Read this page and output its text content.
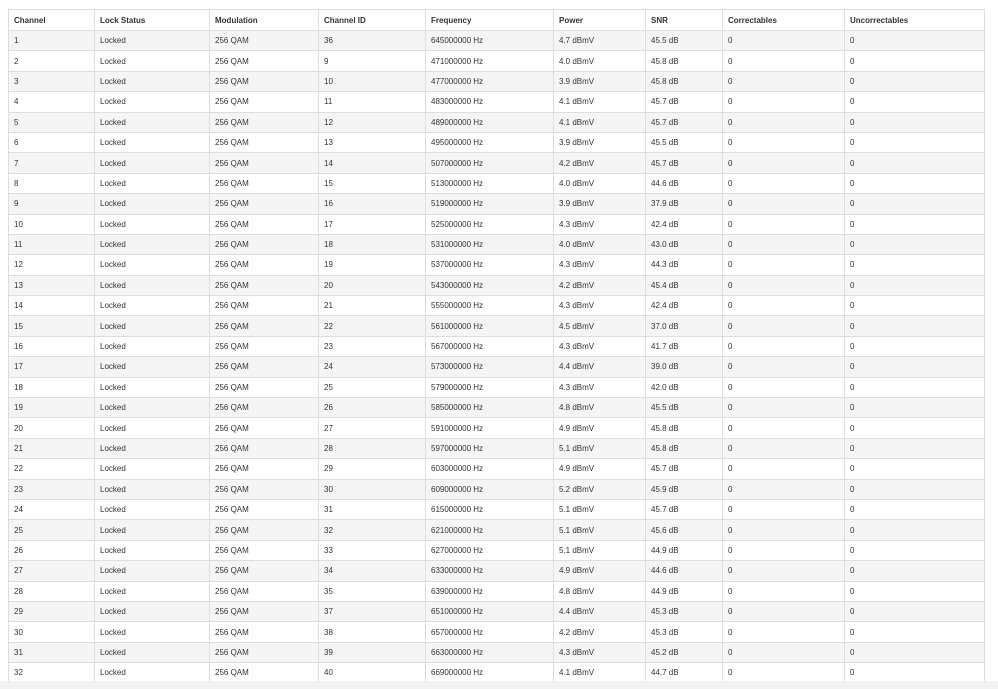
Channel	Lock Status	Modulation	Channel ID	Frequency	Power	SNR	Correctables	Uncorrectables
1	Locked	256 QAM	36	645000000 Hz	4.7 dBmV	45.5 dB	0	0
2	Locked	256 QAM	9	471000000 Hz	4.0 dBmV	45.8 dB	0	0
3	Locked	256 QAM	10	477000000 Hz	3.9 dBmV	45.8 dB	0	0
4	Locked	256 QAM	11	483000000 Hz	4.1 dBmV	45.7 dB	0	0
5	Locked	256 QAM	12	489000000 Hz	4.1 dBmV	45.7 dB	0	0
6	Locked	256 QAM	13	495000000 Hz	3.9 dBmV	45.5 dB	0	0
7	Locked	256 QAM	14	507000000 Hz	4.2 dBmV	45.7 dB	0	0
8	Locked	256 QAM	15	513000000 Hz	4.0 dBmV	44.6 dB	0	0
9	Locked	256 QAM	16	519000000 Hz	3.9 dBmV	37.9 dB	0	0
10	Locked	256 QAM	17	525000000 Hz	4.3 dBmV	42.4 dB	0	0
11	Locked	256 QAM	18	531000000 Hz	4.0 dBmV	43.0 dB	0	0
12	Locked	256 QAM	19	537000000 Hz	4.3 dBmV	44.3 dB	0	0
13	Locked	256 QAM	20	543000000 Hz	4.2 dBmV	45.4 dB	0	0
14	Locked	256 QAM	21	555000000 Hz	4.3 dBmV	42.4 dB	0	0
15	Locked	256 QAM	22	561000000 Hz	4.5 dBmV	37.0 dB	0	0
16	Locked	256 QAM	23	567000000 Hz	4.3 dBmV	41.7 dB	0	0
17	Locked	256 QAM	24	573000000 Hz	4.4 dBmV	39.0 dB	0	0
18	Locked	256 QAM	25	579000000 Hz	4.3 dBmV	42.0 dB	0	0
19	Locked	256 QAM	26	585000000 Hz	4.8 dBmV	45.5 dB	0	0
20	Locked	256 QAM	27	591000000 Hz	4.9 dBmV	45.8 dB	0	0
21	Locked	256 QAM	28	597000000 Hz	5.1 dBmV	45.8 dB	0	0
22	Locked	256 QAM	29	603000000 Hz	4.9 dBmV	45.7 dB	0	0
23	Locked	256 QAM	30	609000000 Hz	5.2 dBmV	45.9 dB	0	0
24	Locked	256 QAM	31	615000000 Hz	5.1 dBmV	45.7 dB	0	0
25	Locked	256 QAM	32	621000000 Hz	5.1 dBmV	45.6 dB	0	0
26	Locked	256 QAM	33	627000000 Hz	5.1 dBmV	44.9 dB	0	0
27	Locked	256 QAM	34	633000000 Hz	4.9 dBmV	44.6 dB	0	0
28	Locked	256 QAM	35	639000000 Hz	4.8 dBmV	44.9 dB	0	0
29	Locked	256 QAM	37	651000000 Hz	4.4 dBmV	45.3 dB	0	0
30	Locked	256 QAM	38	657000000 Hz	4.2 dBmV	45.3 dB	0	0
31	Locked	256 QAM	39	663000000 Hz	4.3 dBmV	45.2 dB	0	0
32	Locked	256 QAM	40	669000000 Hz	4.1 dBmV	44.7 dB	0	0
